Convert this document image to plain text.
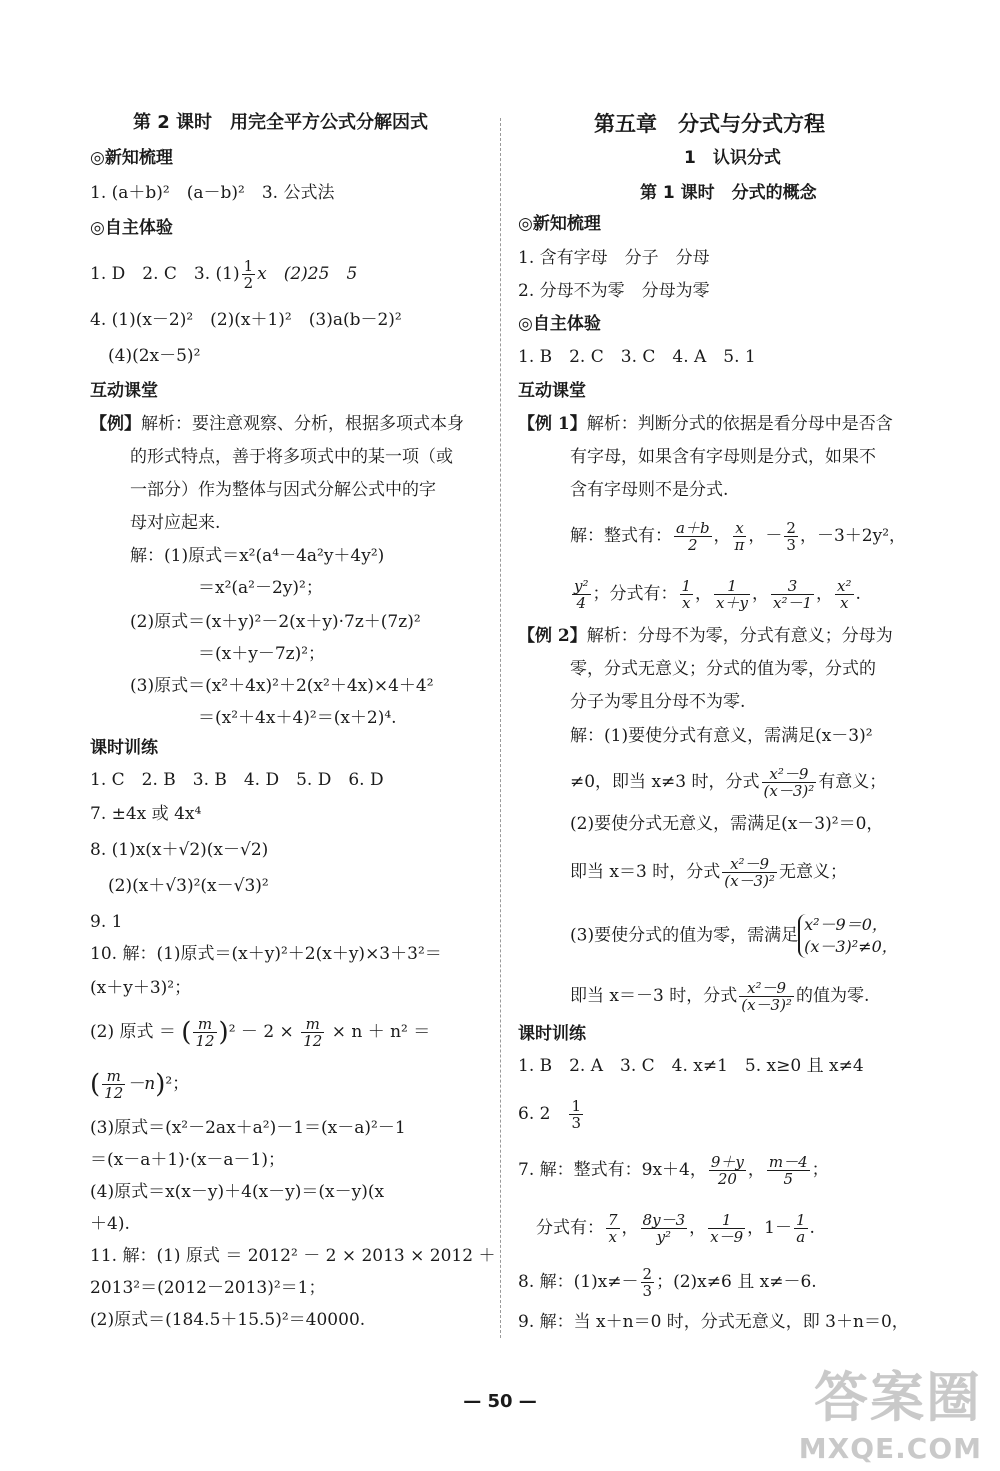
第 2 课时　用完全平方公式分解因式
◎新知梳理
1. (a＋b)²　(a－b)²　3. 公式法
◎自主体验
1. D　2. C　3. $(1) \frac{1}{2}$ x　(2)25　5
4. (1)(x－2)²　(2)(x＋1)²　(3)a(b－2)²
(4)(2x－5)²
互动课堂
【例】解析：要注意观察、分析，根据多项式本身
的形式特点，善于将多项式中的某一项（或
一部分）作为整体与因式分解公式中的字
母对应起来.
解：(1)原式＝x²(a⁴－4a²y＋4y²)
＝x²(a²－2y)²；
(2)原式＝(x＋y)²－2(x＋y)·7z＋(7z)²
＝(x＋y－7z)²；
(3)原式＝(x²＋4x)²＋2(x²＋4x)×4＋4²
＝(x²＋4x＋4)²＝(x＋2)⁴.
课时训练
1. C　2. B　3. B　4. D　5. D　6. D
7. ±4x 或 4x⁴
8. (1)x(x＋√2)(x－√2)
(2)(x＋√3)²(x－√3)²
9. 1
10. 解：(1)原式＝(x＋y)²＋2(x＋y)×3＋3²＝
(x＋y＋3)²；
(2) 原式 ＝ ( $\frac{m}{12} )^2 - 2 \times \frac{m}{12} \times n + n^2$ ＝
( $\frac{m}{12} -n)^2$；
(3)原式＝(x²－2ax＋a²)－1＝(x－a)²－1
＝(x－a＋1)·(x－a－1)；
(4)原式＝x(x－y)＋4(x－y)＝(x－y)(x
＋4).
11. 解：(1) 原式 ＝ 2012² － 2 × 2013 × 2012 ＋
2013²＝(2012－2013)²＝1；
(2)原式＝(184.5＋15.5)²＝40000.
第五章　分式与分式方程
1　认识分式
第 1 课时　分式的概念
◎新知梳理
1. 含有字母　分子　分母
2. 分母不为零　分母为零
◎自主体验
1. B　2. C　3. C　4. A　5. 1
互动课堂
【例 1】解析：判断分式的依据是看分母中是否含
有字母，如果含有字母则是分式，如果不
含有字母则不是分式.
解：整式有： $\frac{a+b}{2}$ ， $\frac{x}{\pi}$ ，－ $\frac{2}{3}$ ，－3＋2y²，
$\frac{\text{y²}}{4}$ ；分式有： $\frac{1}{x}$ ， $\frac{1}{x+y}$ ， $\frac{3}{\text{x²－1}}$ ， $\frac{\text{x²}}{x}$ .
【例 2】解析：分母不为零，分式有意义；分母为
零，分式无意义；分式的值为零，分式的
分子为零且分母不为零.
解：(1)要使分式有意义，需满足(x－3)²
≠0，即当 x≠3 时，分式 $\frac{\text{x²－9}}{\text{(x－3)²}}$ 有意义；
(2)要使分式无意义，需满足(x－3)²＝0，
即当 x＝3 时，分式 $\frac{\text{x²－9}}{\text{(x－3)²}}$ 无意义；
(3)要使分式的值为零，需满足
x²－9＝0，
(x－3)²≠0，
即当 x＝－3 时，分式 $\frac{\text{x²－9}}{\text{(x－3)²}}$ 的值为零.
课时训练
1. B　2. A　3. C　4. x≠1　5. x≥0 且 x≠4
6. 2　 $\frac{1}{3}$
7. 解：整式有：9x＋4， $\frac{9+y}{20}$ ， $\frac{m-4}{5}$ ；
分式有： $\frac{7}{x}$ ， $\frac{8y-3}{\text{y²}}$ ， $\frac{1}{x-9}$ ，$1- \frac{1}{a}$ .
8. 解：$(1)x\ne- \frac{2}{3}$ ；(2)x≠6 且 x≠－6.
9. 解：当 x＋n＝0 时，分式无意义，即 3＋n＝0，
— 50 —	答案圈
MXQE.COM
